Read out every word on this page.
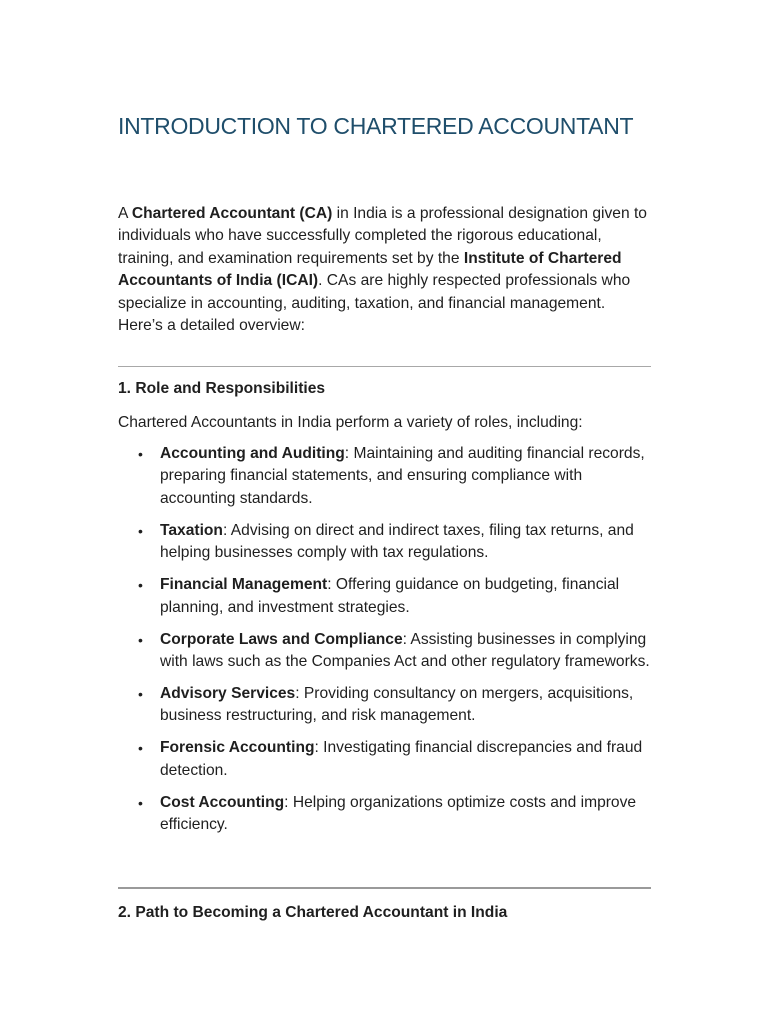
INTRODUCTION TO CHARTERED ACCOUNTANT

A Chartered Accountant (CA) in India is a professional designation given to individuals who have successfully completed the rigorous educational, training, and examination requirements set by the Institute of Chartered Accountants of India (ICAI). CAs are highly respected professionals who specialize in accounting, auditing, taxation, and financial management. Here’s a detailed overview:

1. Role and Responsibilities

Chartered Accountants in India perform a variety of roles, including:

• Accounting and Auditing: Maintaining and auditing financial records, preparing financial statements, and ensuring compliance with accounting standards.
• Taxation: Advising on direct and indirect taxes, filing tax returns, and helping businesses comply with tax regulations.
• Financial Management: Offering guidance on budgeting, financial planning, and investment strategies.
• Corporate Laws and Compliance: Assisting businesses in complying with laws such as the Companies Act and other regulatory frameworks.
• Advisory Services: Providing consultancy on mergers, acquisitions, business restructuring, and risk management.
• Forensic Accounting: Investigating financial discrepancies and fraud detection.
• Cost Accounting: Helping organizations optimize costs and improve efficiency.
2. Path to Becoming a Chartered Accountant in India
